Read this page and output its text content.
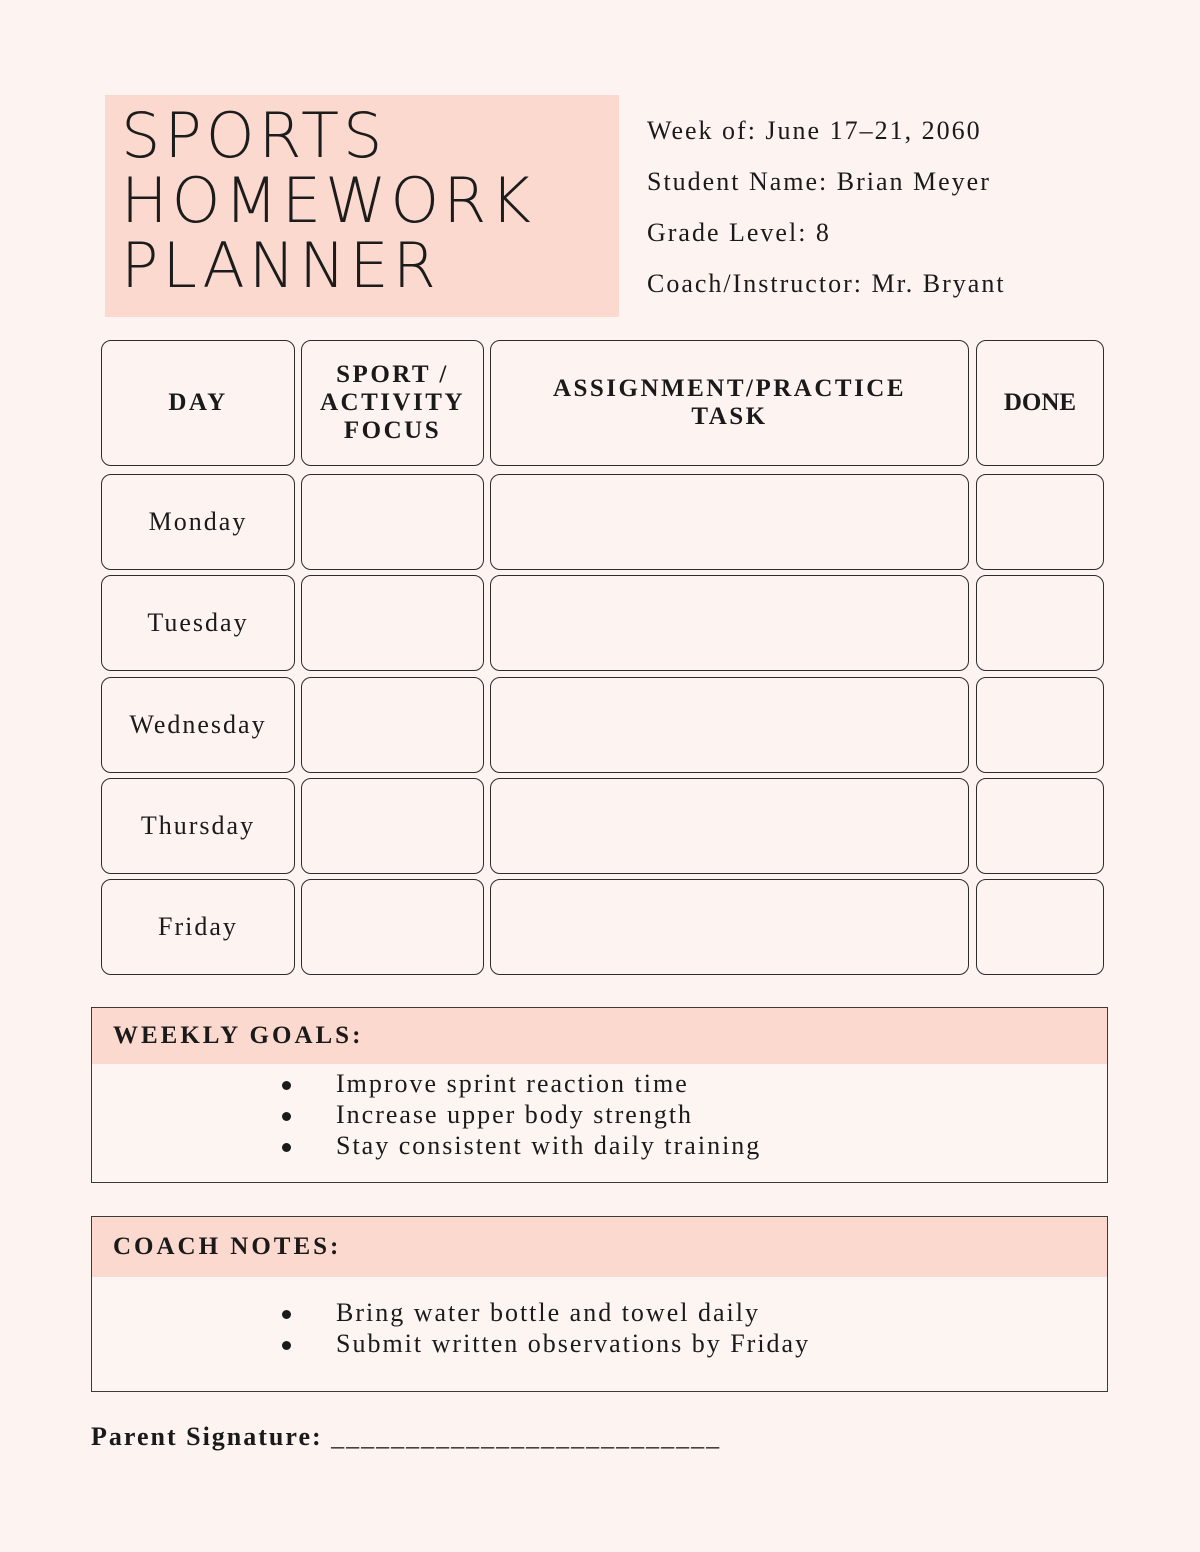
SPORTS
HOMEWORK
PLANNER
Week of: June 17–21, 2060
Student Name: Brian Meyer
Grade Level: 8
Coach/Instructor: Mr. Bryant
DAY
SPORT /
ACTIVITY
FOCUS
ASSIGNMENT/PRACTICE
TASK
DONE
Monday
Tuesday
Wednesday
Thursday
Friday
WEEKLY GOALS:
Improve sprint reaction time
Increase upper body strength
Stay consistent with daily training
COACH NOTES:
Bring water bottle and towel daily
Submit written observations by Friday
Parent Signature: __________________________
